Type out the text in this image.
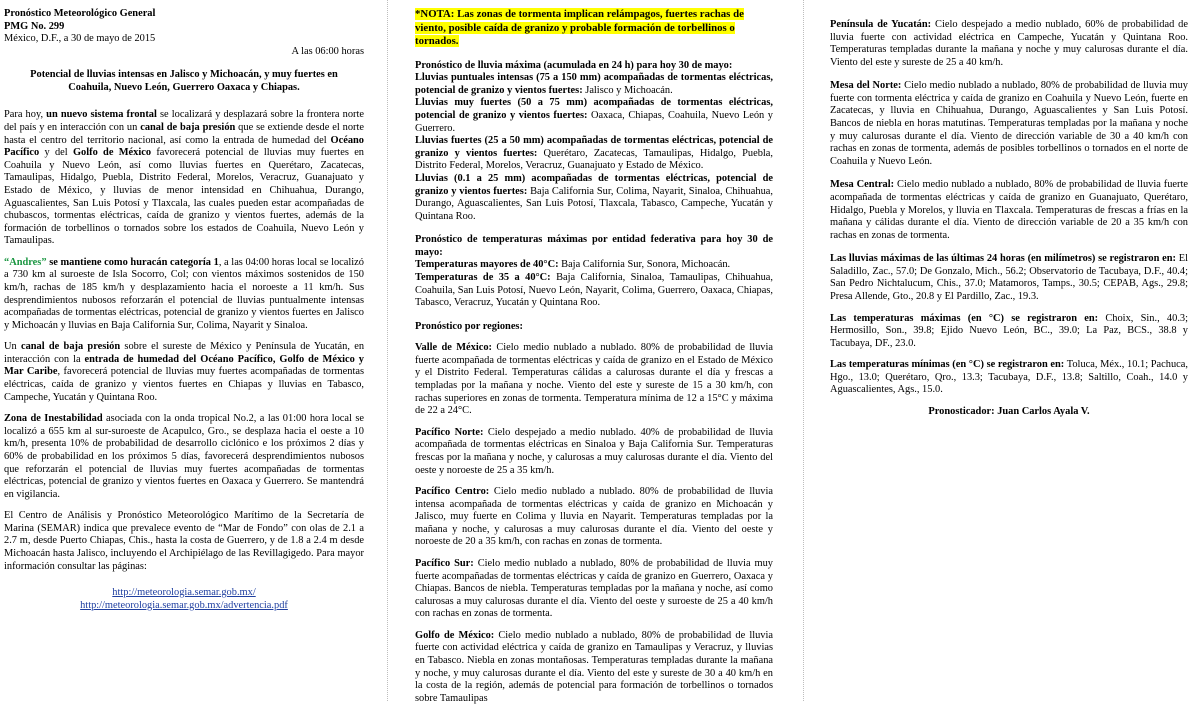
Pronóstico Meteorológico General

PMG No. 299

México, D.F., a 30 de mayo de 2015

A las 06:00 horas

Potencial de lluvias intensas en Jalisco y Michoacán, y muy fuertes en Coahuila, Nuevo León, Guerrero Oaxaca y Chiapas.

Para hoy, un nuevo sistema frontal se localizará y desplazará sobre la frontera norte del país y en interacción con un canal de baja presión que se extiende desde el norte hasta el centro del territorio nacional, así como la entrada de humedad del Océano Pacífico y del Golfo de México favorecerá potencial de lluvias muy fuertes en Coahuila y Nuevo León, así como lluvias fuertes en Querétaro, Zacatecas, Tamaulipas, Hidalgo, Puebla, Distrito Federal, Morelos, Veracruz, Guanajuato y Estado de México, y lluvias de menor intensidad en Chihuahua, Durango, Aguascalientes, San Luis Potosí y Tlaxcala, las cuales pueden estar acompañadas de chubascos, tormentas eléctricas, caída de granizo y vientos fuertes, además de la formación de torbellinos o tornados sobre los estados de Coahuila, Nuevo León y Tamaulipas.

“Andres” se mantiene como huracán categoría 1, a las 04:00 horas local se localizó a 730 km al suroeste de Isla Socorro, Col; con vientos máximos sostenidos de 150 km/h, rachas de 185 km/h y desplazamiento hacia el noroeste a 11 km/h. Sus desprendimientos nubosos reforzarán el potencial de lluvias puntualmente intensas acompañadas de tormentas eléctricas, potencial de granizo y vientos fuertes en Jalisco y Michoacán y lluvias en Baja California Sur, Colima, Nayarit y Sinaloa.

Un canal de baja presión sobre el sureste de México y Península de Yucatán, en interacción con la entrada de humedad del Océano Pacífico, Golfo de México y Mar Caribe, favorecerá potencial de lluvias muy fuertes acompañadas de tormentas eléctricas, caída de granizo y vientos fuertes en Chiapas y lluvias en Tabasco, Campeche, Yucatán y Quintana Roo.

Zona de Inestabilidad asociada con la onda tropical No.2, a las 01:00 hora local se localizó a 655 km al sur-suroeste de Acapulco, Gro., se desplaza hacia el oeste a 10 km/h, presenta 10% de probabilidad de desarrollo ciclónico e los próximos 2 días y 60% de probabilidad en los próximos 5 días, favorecerá desprendimientos nubosos que reforzarán el potencial de lluvias muy fuertes acompañadas de tormentas eléctricas, potencial de granizo y vientos fuertes en Oaxaca y Guerrero. Se mantendrá en vigilancia.

El Centro de Análisis y Pronóstico Meteorológico Marítimo de la Secretaría de Marina (SEMAR) indica que prevalece evento de “Mar de Fondo” con olas de 2.1 a 2.7 m, desde Puerto Chiapas, Chis., hasta la costa de Guerrero, y de 1.8 a 2.4 m desde Michoacán hasta Jalisco, incluyendo el Archipiélago de las Revillagigedo. Para mayor información consultar las páginas:

http://meteorologia.semar.gob.mx/
http://meteorologia.semar.gob.mx/advertencia.pdf

*NOTA: Las zonas de tormenta implican relámpagos, fuertes rachas de viento, posible caída de granizo y probable formación de torbellinos o tornados.

Pronóstico de lluvia máxima (acumulada en 24 h) para hoy 30 de mayo:

Lluvias puntuales intensas (75 a 150 mm) acompañadas de tormentas eléctricas, potencial de granizo y vientos fuertes: Jalisco y Michoacán.

Lluvias muy fuertes (50 a 75 mm) acompañadas de tormentas eléctricas, potencial de granizo y vientos fuertes: Oaxaca, Chiapas, Coahuila, Nuevo León y Guerrero.

Lluvias fuertes (25 a 50 mm) acompañadas de tormentas eléctricas, potencial de granizo y vientos fuertes: Querétaro, Zacatecas, Tamaulipas, Hidalgo, Puebla, Distrito Federal, Morelos, Veracruz, Guanajuato y Estado de México.

Lluvias (0.1 a 25 mm) acompañadas de tormentas eléctricas, potencial de granizo y vientos fuertes: Baja California Sur, Colima, Nayarit, Sinaloa, Chihuahua, Durango, Aguascalientes, San Luis Potosí, Tlaxcala, Tabasco, Campeche, Yucatán y Quintana Roo.

Pronóstico de temperaturas máximas por entidad federativa para hoy 30 de mayo:

Temperaturas mayores de 40°C: Baja California Sur, Sonora, Michoacán.

Temperaturas de 35 a 40°C: Baja California, Sinaloa, Tamaulipas, Chihuahua, Coahuila, San Luis Potosí, Nuevo León, Nayarit, Colima, Guerrero, Oaxaca, Chiapas, Tabasco, Veracruz, Yucatán y Quintana Roo.

Pronóstico por regiones:

Valle de México: Cielo medio nublado a nublado. 80% de probabilidad de lluvia fuerte acompañada de tormentas eléctricas y caída de granizo en el Estado de México y el Distrito Federal. Temperaturas cálidas a calurosas durante el día y frescas a templadas por la mañana y noche. Viento del este y sureste de 15 a 30 km/h, con rachas superiores en zonas de tormenta. Temperatura mínima de 12 a 15°C y máxima de 22 a 24°C.

Pacífico Norte: Cielo despejado a medio nublado. 40% de probabilidad de lluvia acompañada de tormentas eléctricas en Sinaloa y Baja California Sur. Temperaturas frescas por la mañana y noche, y calurosas a muy calurosas durante el día. Viento del oeste y noroeste de 25 a 35 km/h.

Pacífico Centro: Cielo medio nublado a nublado. 80% de probabilidad de lluvia intensa acompañada de tormentas eléctricas y caída de granizo en Michoacán y Jalisco, muy fuerte en Colima y lluvia en Nayarit. Temperaturas templadas por la mañana y noche, y calurosas a muy calurosas durante el día. Viento del oeste y noroeste de 20 a 35 km/h, con rachas en zonas de tormenta.

Pacífico Sur: Cielo medio nublado a nublado, 80% de probabilidad de lluvia muy fuerte acompañadas de tormentas eléctricas y caída de granizo en Guerrero, Oaxaca y Chiapas. Bancos de niebla. Temperaturas templadas por la mañana y noche, así como calurosas a muy calurosas durante el día. Viento del oeste y suroeste de 25 a 40 km/h con rachas en zonas de tormenta.

Golfo de México: Cielo medio nublado a nublado, 80% de probabilidad de lluvia fuerte con actividad eléctrica y caída de granizo en Tamaulipas y Veracruz, y lluvias en Tabasco. Niebla en zonas montañosas. Temperaturas templadas durante la mañana y noche, y muy calurosas durante el día. Viento del este y sureste de 30 a 40 km/h en la costa de la región, además de potencial para formación de torbellinos o tornados sobre Tamaulipas

Península de Yucatán: Cielo despejado a medio nublado, 60% de probabilidad de lluvia fuerte con actividad eléctrica en Campeche, Yucatán y Quintana Roo. Temperaturas templadas durante la mañana y noche y muy calurosas durante el día. Viento del este y sureste de 25 a 40 km/h.

Mesa del Norte: Cielo medio nublado a nublado, 80% de probabilidad de lluvia muy fuerte con tormenta eléctrica y caída de granizo en Coahuila y Nuevo León, fuerte en Zacatecas, y lluvia en Chihuahua, Durango, Aguascalientes y San Luis Potosí. Bancos de niebla en horas matutinas. Temperaturas templadas por la mañana y noche y muy calurosas durante el día. Viento de dirección variable de 30 a 40 km/h con rachas en zonas de tormenta, además de posibles torbellinos o tornados en el norte de Coahuila y Nuevo León.

Mesa Central: Cielo medio nublado a nublado, 80% de probabilidad de lluvia fuerte acompañada de tormentas eléctricas y caída de granizo en Guanajuato, Querétaro, Hidalgo, Puebla y Morelos, y lluvia en Tlaxcala. Temperaturas de frescas a frías en la mañana y cálidas durante el día. Viento de dirección variable de 20 a 35 km/h con rachas en zonas de tormenta.

Las lluvias máximas de las últimas 24 horas (en milímetros) se registraron en: El Saladillo, Zac., 57.0; De Gonzalo, Mich., 56.2; Observatorio de Tacubaya, D.F., 40.4; San Pedro Nichtalucum, Chis., 37.0; Matamoros, Tamps., 30.5; CEPAB, Ags., 29.8; Presa Allende, Gto., 20.8 y El Pardillo, Zac., 19.3.

Las temperaturas máximas (en °C) se registraron en: Choix, Sin., 40.3; Hermosillo, Son., 39.8; Ejido Nuevo León, BC., 39.0; La Paz, BCS., 38.8 y Tacubaya, DF., 23.0.

Las temperaturas mínimas (en °C) se registraron en: Toluca, Méx., 10.1; Pachuca, Hgo., 13.0; Querétaro, Qro., 13.3; Tacubaya, D.F., 13.8; Saltillo, Coah., 14.0 y Aguascalientes, Ags., 15.0.

Pronosticador: Juan Carlos Ayala V.
